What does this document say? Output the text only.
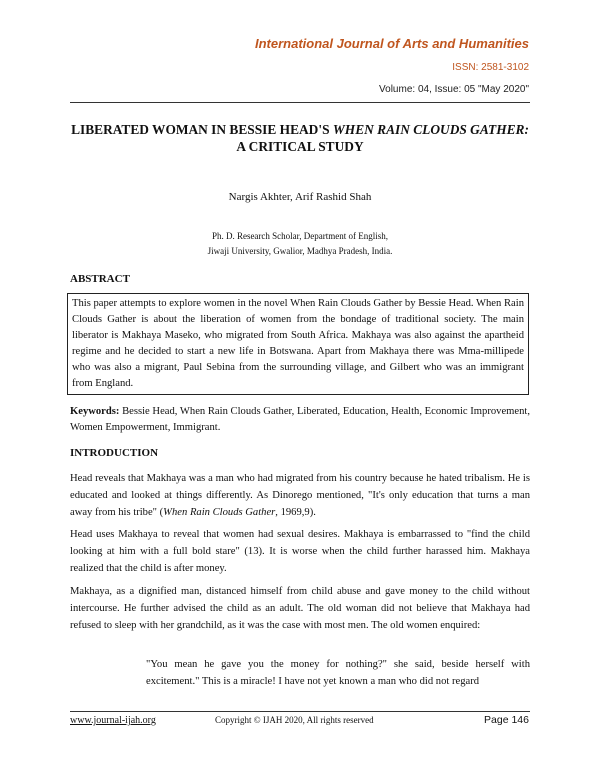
International Journal of Arts and Humanities
ISSN: 2581-3102
Volume: 04, Issue: 05 "May 2020"
LIBERATED WOMAN IN BESSIE HEAD'S WHEN RAIN CLOUDS GATHER: A CRITICAL STUDY
Nargis Akhter, Arif Rashid Shah
Ph. D. Research Scholar, Department of English,
Jiwaji University, Gwalior, Madhya Pradesh, India.
ABSTRACT
This paper attempts to explore women in the novel When Rain Clouds Gather by Bessie Head. When Rain Clouds Gather is about the liberation of women from the bondage of traditional society. The main liberator is Makhaya Maseko, who migrated from South Africa. Makhaya was also against the apartheid regime and he decided to start a new life in Botswana. Apart from Makhaya there was Mma-millipede who was also a migrant, Paul Sebina from the surrounding village, and Gilbert who was an immigrant from England.
Keywords: Bessie Head, When Rain Clouds Gather, Liberated, Education, Health, Economic Improvement, Women Empowerment, Immigrant.
INTRODUCTION

Head reveals that Makhaya was a man who had migrated from his country because he hated tribalism. He is educated and looked at things differently. As Dinorego mentioned, "It's only education that turns a man away from his tribe" (When Rain Clouds Gather, 1969,9).

Head uses Makhaya to reveal that women had sexual desires. Makhaya is embarrassed to "find the child looking at him with a full bold stare" (13). It is worse when the child further harassed him. Makhaya realized that the child is after money.

Makhaya, as a dignified man, distanced himself from child abuse and gave money to the child without intercourse. He further advised the child as an adult. The old woman did not believe that Makhaya had refused to sleep with her grandchild, as it was the case with most men. The old women enquired:

"You mean he gave you the money for nothing?" she said, beside herself with excitement." This is a miracle! I have not yet known a man who did not regard

www.journal-ijah.org	Copyright © IJAH 2020, All rights reserved	Page 146
